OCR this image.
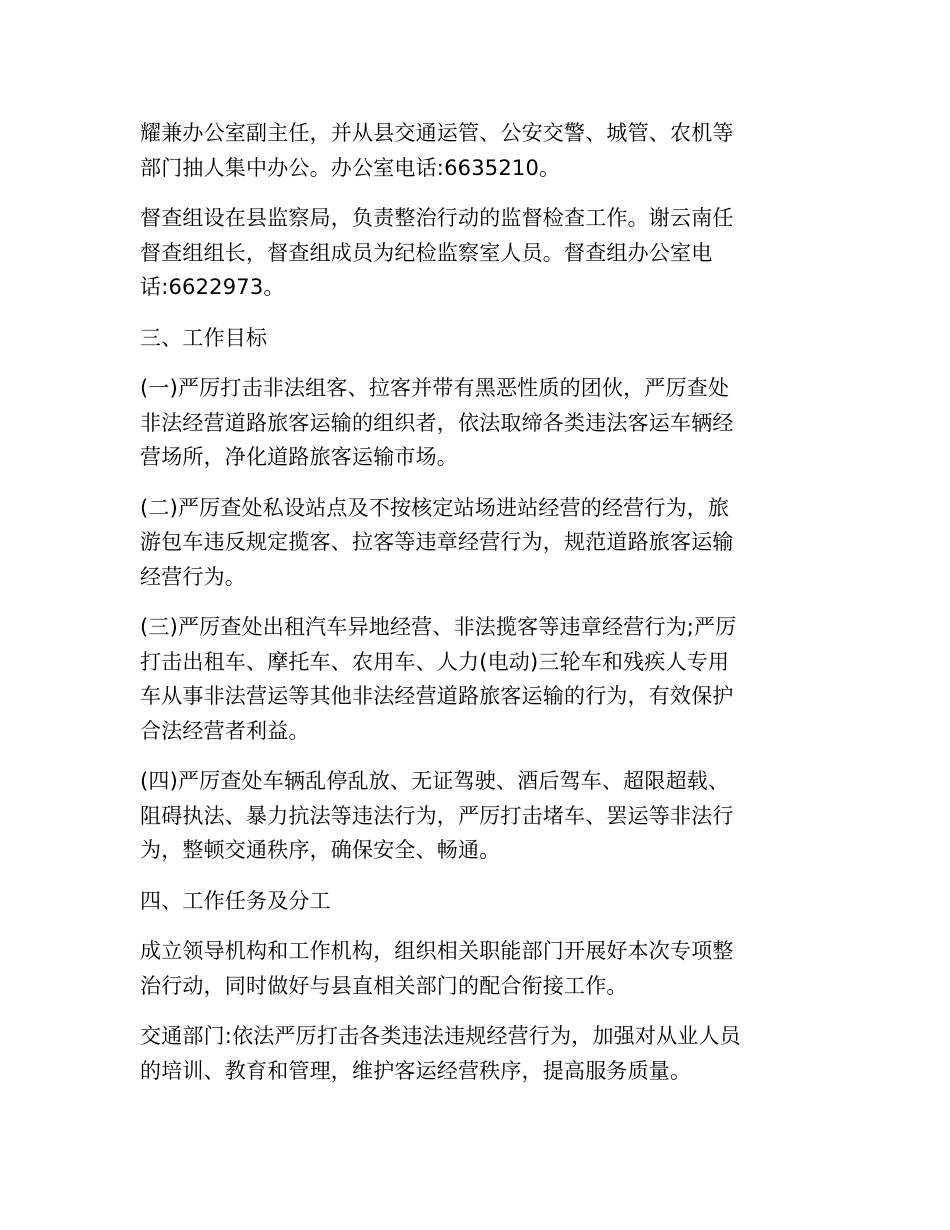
耀兼办公室副主任，并从县交通运管、公安交警、城管、农机等
部门抽人集中办公。办公室电话:6635210。

督查组设在县监察局，负责整治行动的监督检查工作。谢云南任
督查组组长，督查组成员为纪检监察室人员。督查组办公室电
话:6622973。

三、工作目标

(一)严厉打击非法组客、拉客并带有黑恶性质的团伙，严厉查处
非法经营道路旅客运输的组织者，依法取缔各类违法客运车辆经
营场所，净化道路旅客运输市场。

(二)严厉查处私设站点及不按核定站场进站经营的经营行为，旅
游包车违反规定揽客、拉客等违章经营行为，规范道路旅客运输
经营行为。

(三)严厉查处出租汽车异地经营、非法揽客等违章经营行为;严厉
打击出租车、摩托车、农用车、人力(电动)三轮车和残疾人专用
车从事非法营运等其他非法经营道路旅客运输的行为，有效保护
合法经营者利益。

(四)严厉查处车辆乱停乱放、无证驾驶、酒后驾车、超限超载、
阻碍执法、暴力抗法等违法行为，严厉打击堵车、罢运等非法行
为，整顿交通秩序，确保安全、畅通。

四、工作任务及分工

成立领导机构和工作机构，组织相关职能部门开展好本次专项整
治行动，同时做好与县直相关部门的配合衔接工作。

交通部门:依法严厉打击各类违法违规经营行为，加强对从业人员
的培训、教育和管理，维护客运经营秩序，提高服务质量。
